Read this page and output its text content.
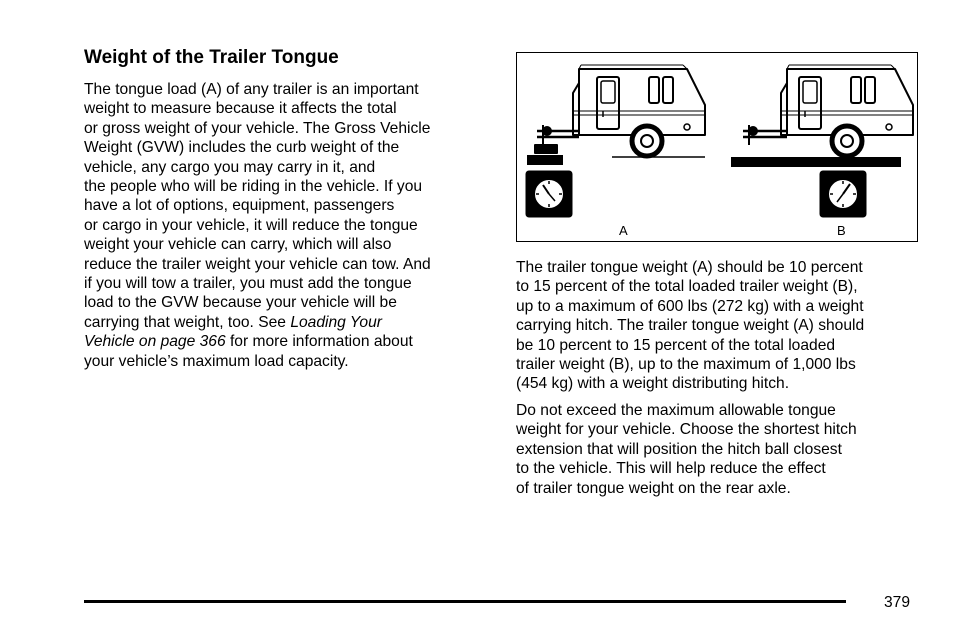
Weight of the Trailer Tongue
The tongue load (A) of any trailer is an important
weight to measure because it affects the total
or gross weight of your vehicle. The Gross Vehicle
Weight (GVW) includes the curb weight of the
vehicle, any cargo you may carry in it, and
the people who will be riding in the vehicle. If you
have a lot of options, equipment, passengers
or cargo in your vehicle, it will reduce the tongue
weight your vehicle can carry, which will also
reduce the trailer weight your vehicle can tow. And
if you will tow a trailer, you must add the tongue
load to the GVW because your vehicle will be
carrying that weight, too. See Loading Your
Vehicle on page 366 for more information about
your vehicle’s maximum load capacity.
A	B
The trailer tongue weight (A) should be 10 percent
to 15 percent of the total loaded trailer weight (B),
up to a maximum of 600 lbs (272 kg) with a weight
carrying hitch. The trailer tongue weight (A) should
be 10 percent to 15 percent of the total loaded
trailer weight (B), up to the maximum of 1,000 lbs
(454 kg) with a weight distributing hitch.
Do not exceed the maximum allowable tongue
weight for your vehicle. Choose the shortest hitch
extension that will position the hitch ball closest
to the vehicle. This will help reduce the effect
of trailer tongue weight on the rear axle.
379
